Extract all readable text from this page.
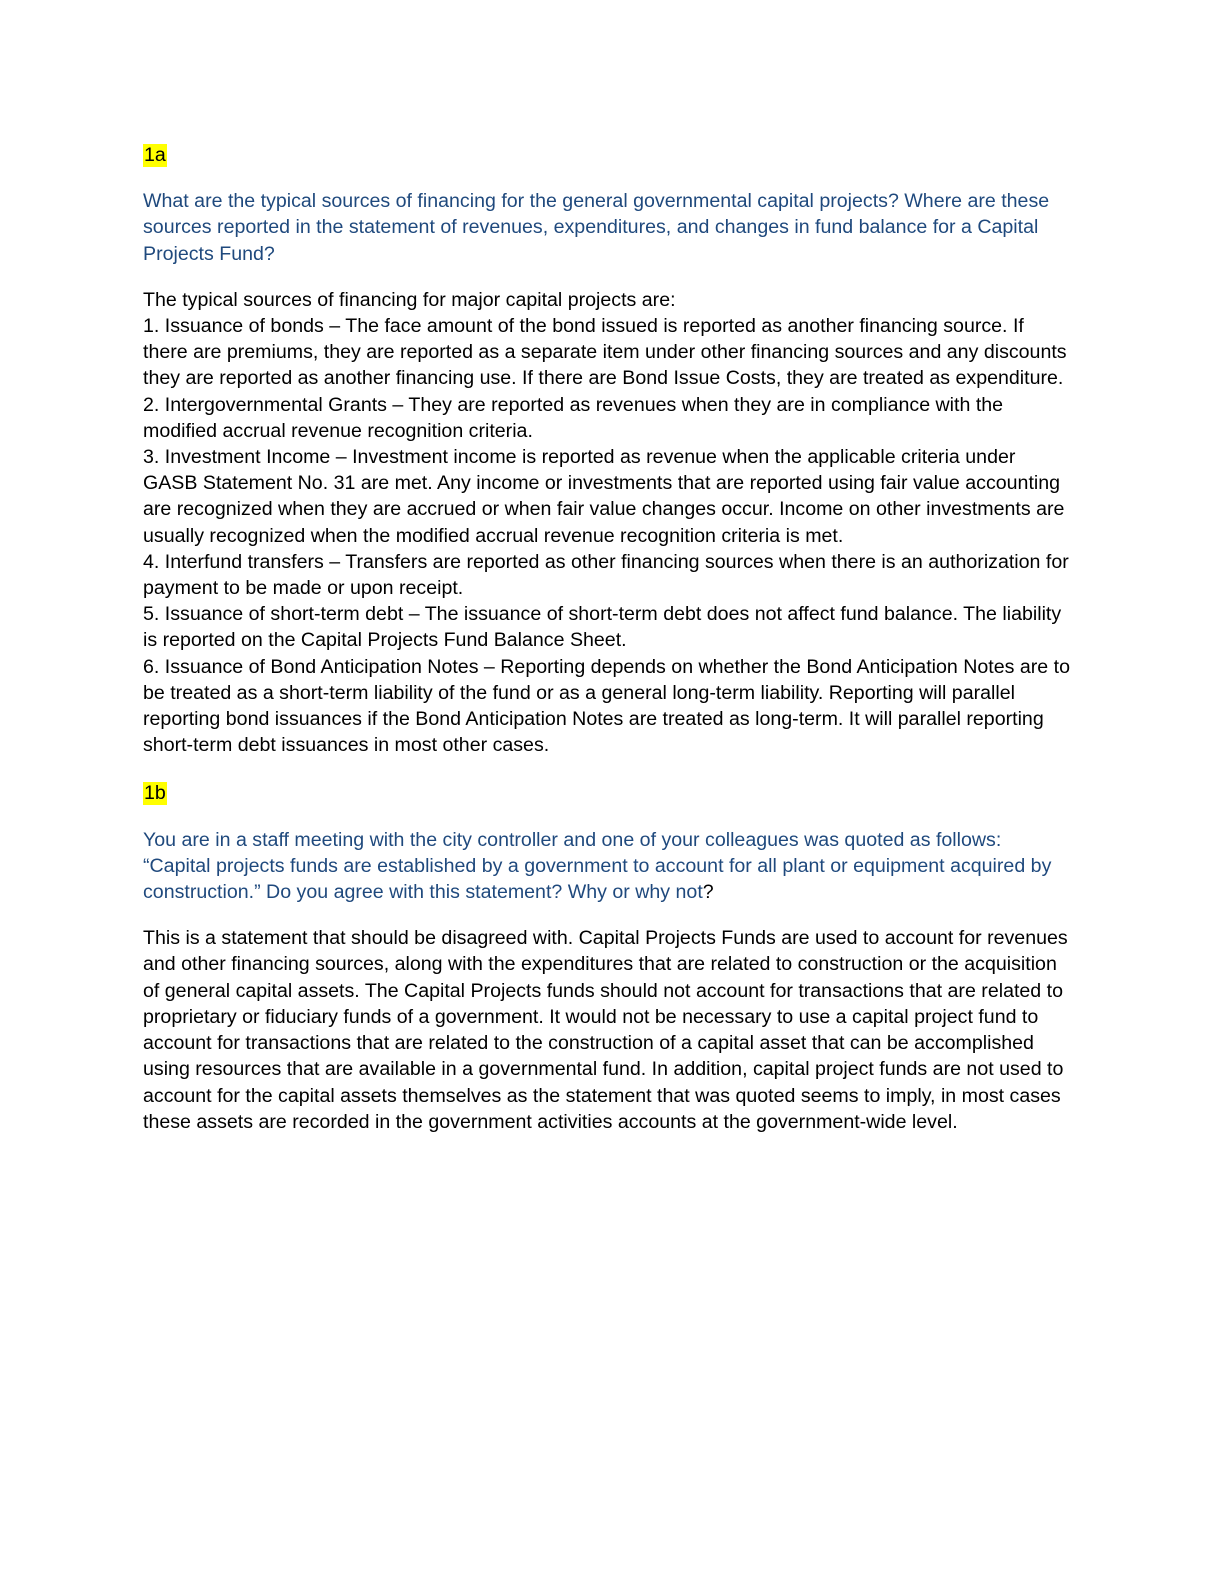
1a

What are the typical sources of financing for the general governmental capital projects? Where are these sources reported in the statement of revenues, expenditures, and changes in fund balance for a Capital Projects Fund?

The typical sources of financing for major capital projects are:

1. Issuance of bonds – The face amount of the bond issued is reported as another financing source. If there are premiums, they are reported as a separate item under other financing sources and any discounts they are reported as another financing use. If there are Bond Issue Costs, they are treated as expenditure.

2. Intergovernmental Grants – They are reported as revenues when they are in compliance with the modified accrual revenue recognition criteria.

3. Investment Income – Investment income is reported as revenue when the applicable criteria under GASB Statement No. 31 are met. Any income or investments that are reported using fair value accounting are recognized when they are accrued or when fair value changes occur. Income on other investments are usually recognized when the modified accrual revenue recognition criteria is met.

4. Interfund transfers – Transfers are reported as other financing sources when there is an authorization for payment to be made or upon receipt.

5. Issuance of short-term debt – The issuance of short-term debt does not affect fund balance. The liability is reported on the Capital Projects Fund Balance Sheet.

6. Issuance of Bond Anticipation Notes – Reporting depends on whether the Bond Anticipation Notes are to be treated as a short-term liability of the fund or as a general long-term liability. Reporting will parallel reporting bond issuances if the Bond Anticipation Notes are treated as long-term. It will parallel reporting short-term debt issuances in most other cases.

1b

You are in a staff meeting with the city controller and one of your colleagues was quoted as follows: “Capital projects funds are established by a government to account for all plant or equipment acquired by construction.” Do you agree with this statement? Why or why not?

This is a statement that should be disagreed with. Capital Projects Funds are used to account for revenues and other financing sources, along with the expenditures that are related to construction or the acquisition of general capital assets. The Capital Projects funds should not account for transactions that are related to proprietary or fiduciary funds of a government. It would not be necessary to use a capital project fund to account for transactions that are related to the construction of a capital asset that can be accomplished using resources that are available in a governmental fund. In addition, capital project funds are not used to account for the capital assets themselves as the statement that was quoted seems to imply, in most cases these assets are recorded in the government activities accounts at the government-wide level.
